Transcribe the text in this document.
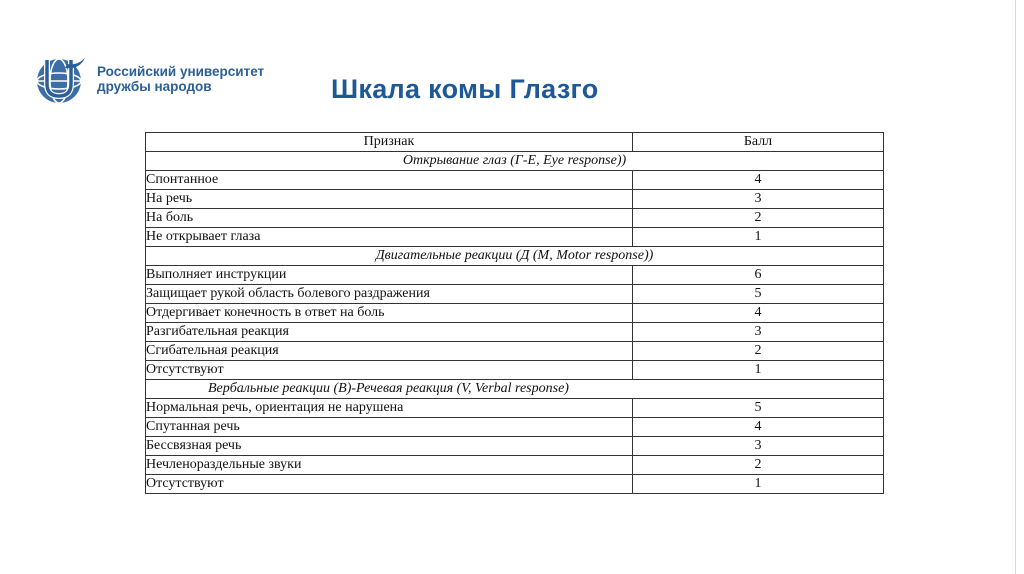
Российский университет
дружбы народов	Шкала комы Глазго
Признак	Балл
Открывание глаз (Г-Е, Eye response))	
Спонтанное	4
На речь	3
На боль	2
Не открывает глаза	1
Двигательные реакции (Д (М, Motor response))	
Выполняет инструкции	6
Защищает рукой область болевого раздражения	5
Отдергивает конечность в ответ на боль	4
Разгибательная реакция	3
Сгибательная реакция	2
Отсутствуют	1
Вербальные реакции (В)-Речевая реакция (V, Verbal response)	
Нормальная речь, ориентация не нарушена	5
Спутанная речь	4
Бессвязная речь	3
Нечленораздельные звуки	2
Отсутствуют	1
